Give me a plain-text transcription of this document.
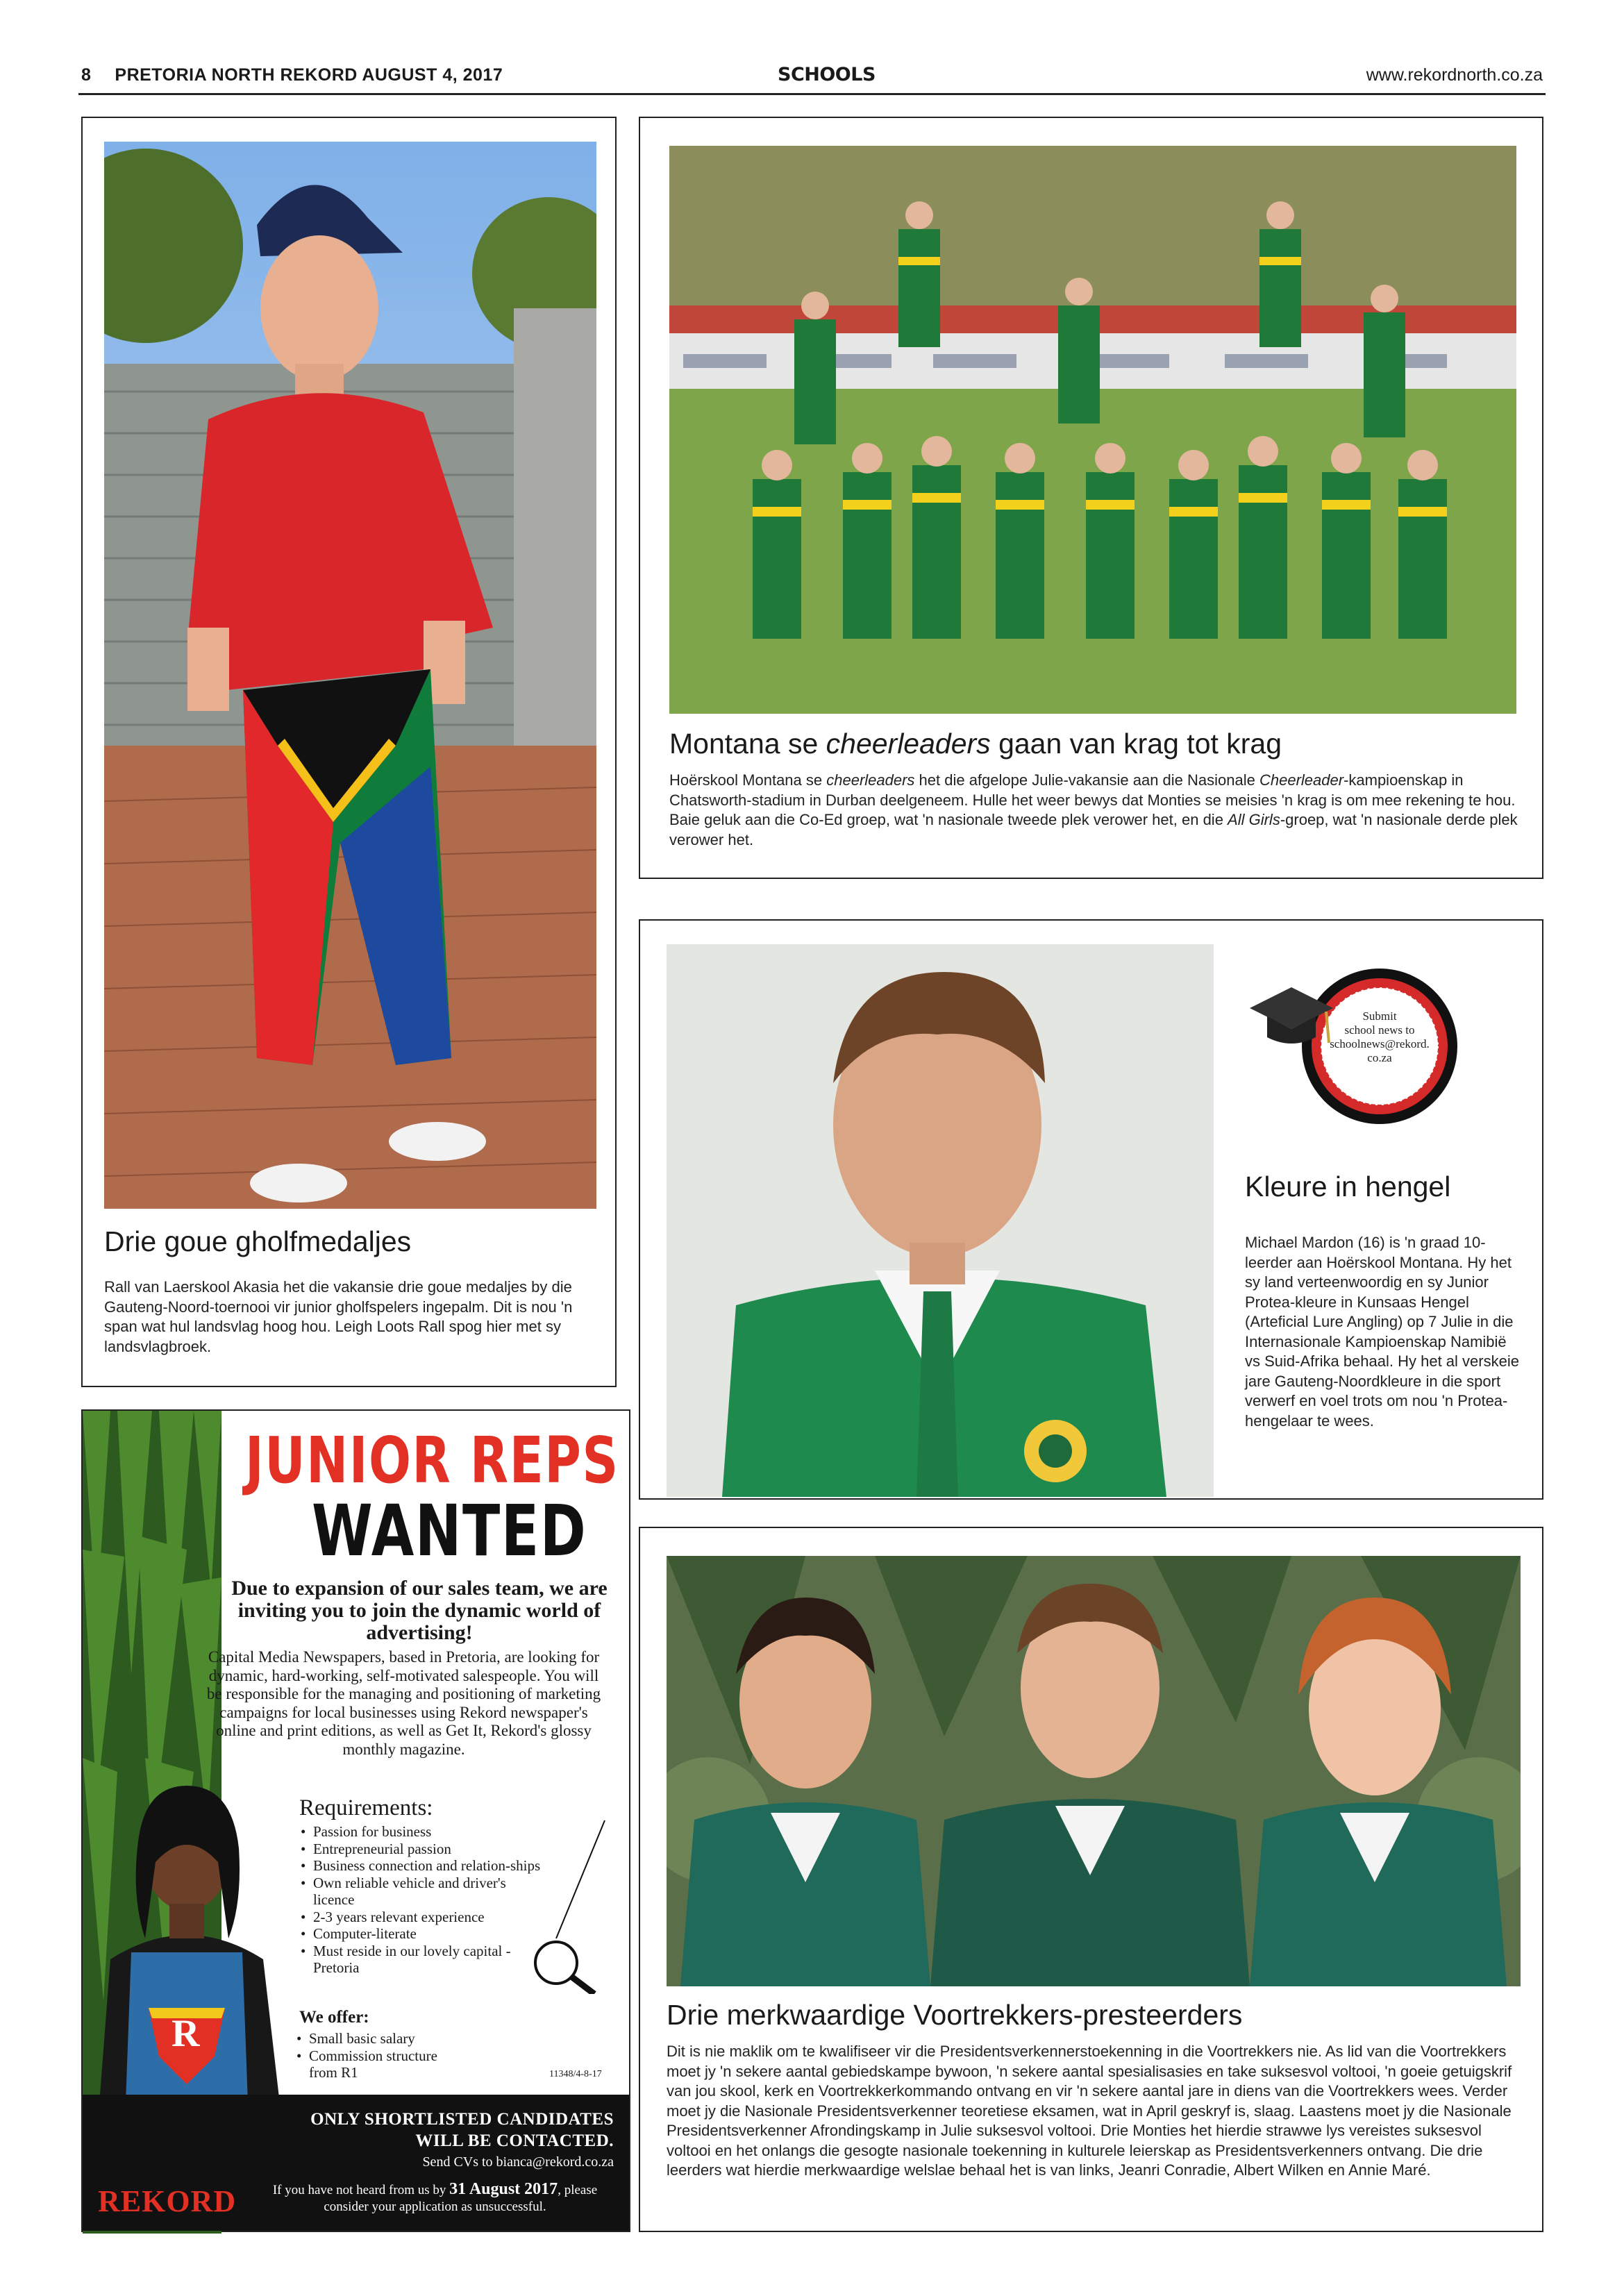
8 PRETORIA NORTH REKORD AUGUST 4, 2017	SCHOOLS	www.rekordnorth.co.za
Drie goue gholfmedaljes
Rall van Laerskool Akasia het die vakansie drie goue medaljes by die Gauteng-Noord-toernooi vir junior gholfspelers ingepalm. Dit is nou 'n span wat hul landsvlag hoog hou. Leigh Loots Rall spog hier met sy landsvlagbroek.
Montana se cheerleaders gaan van krag tot krag
Hoërskool Montana se cheerleaders het die afgelope Julie-vakansie aan die Nasionale Cheerleader-kampioenskap in Chatsworth-stadium in Durban deelgeneem. Hulle het weer bewys dat Monties se meisies 'n krag is om mee rekening te hou. Baie geluk aan die Co-Ed groep, wat 'n nasionale tweede plek verower het, en die All Girls-groep, wat 'n nasionale derde plek verower het.
Submit
school news to
schoolnews@rekord.
co.za
Kleure in hengel
Michael Mardon (16) is 'n graad 10-leerder aan Hoërskool Montana. Hy het sy land verteenwoordig en sy Junior Protea-kleure in Kunsaas Hengel (Arteficial Lure Angling) op 7 Julie in die Internasionale Kampioenskap Namibië vs Suid-Afrika behaal. Hy het al verskeie jare Gauteng-Noordkleure in die sport verwerf en voel trots om nou 'n Protea-hengelaar te wees.
Drie merkwaardige Voortrekkers-presteerders
Dit is nie maklik om te kwalifiseer vir die Presidentsverkennerstoekenning in die Voortrekkers nie. As lid van die Voortrekkers moet jy 'n sekere aantal gebiedskampe bywoon, 'n sekere aantal spesialisasies en take suksesvol voltooi, 'n goeie getuigskrif van jou skool, kerk en Voortrekkerkommando ontvang en vir 'n sekere aantal jare in diens van die Voortrekkers wees. Verder moet jy die Nasionale Presidentsverkenner teoretiese eksamen, wat in April geskryf is, slaag. Laastens moet jy die Nasionale Presidentsverkenner Afrondingskamp in Julie suksesvol voltooi. Drie Monties het hierdie strawwe lys vereistes suksesvol voltooi en het onlangs die gesogte nasionale toekenning in kulturele leierskap as Presidentsverkenners ontvang. Die drie leerders wat hierdie merkwaardige welslae behaal het is van links, Jeanri Conradie, Albert Wilken en Annie Maré.
JUNIOR REPS
WANTED
Due to expansion of our sales team, we are inviting you to join the dynamic world of advertising!
Capital Media Newspapers, based in Pretoria, are looking for dynamic, hard-working, self-motivated salespeople. You will be responsible for the managing and positioning of marketing campaigns for local businesses using Rekord newspaper's online and print editions, as well as Get It, Rekord's glossy monthly magazine.
R
Requirements:
• Passion for business
• Entrepreneurial passion
• Business connection and relation-ships
• Own reliable vehicle and driver's licence
• 2-3 years relevant experience
• Computer-literate
• Must reside in our lovely capital - Pretoria
We offer:
• Small basic salary
• Commission structure from R1	11348/4-8-17
ONLY SHORTLISTED CANDIDATES
WILL BE CONTACTED.
Send CVs to bianca@rekord.co.za
REKORD	If you have not heard from us by 31 August 2017, please consider your application as unsuccessful.
